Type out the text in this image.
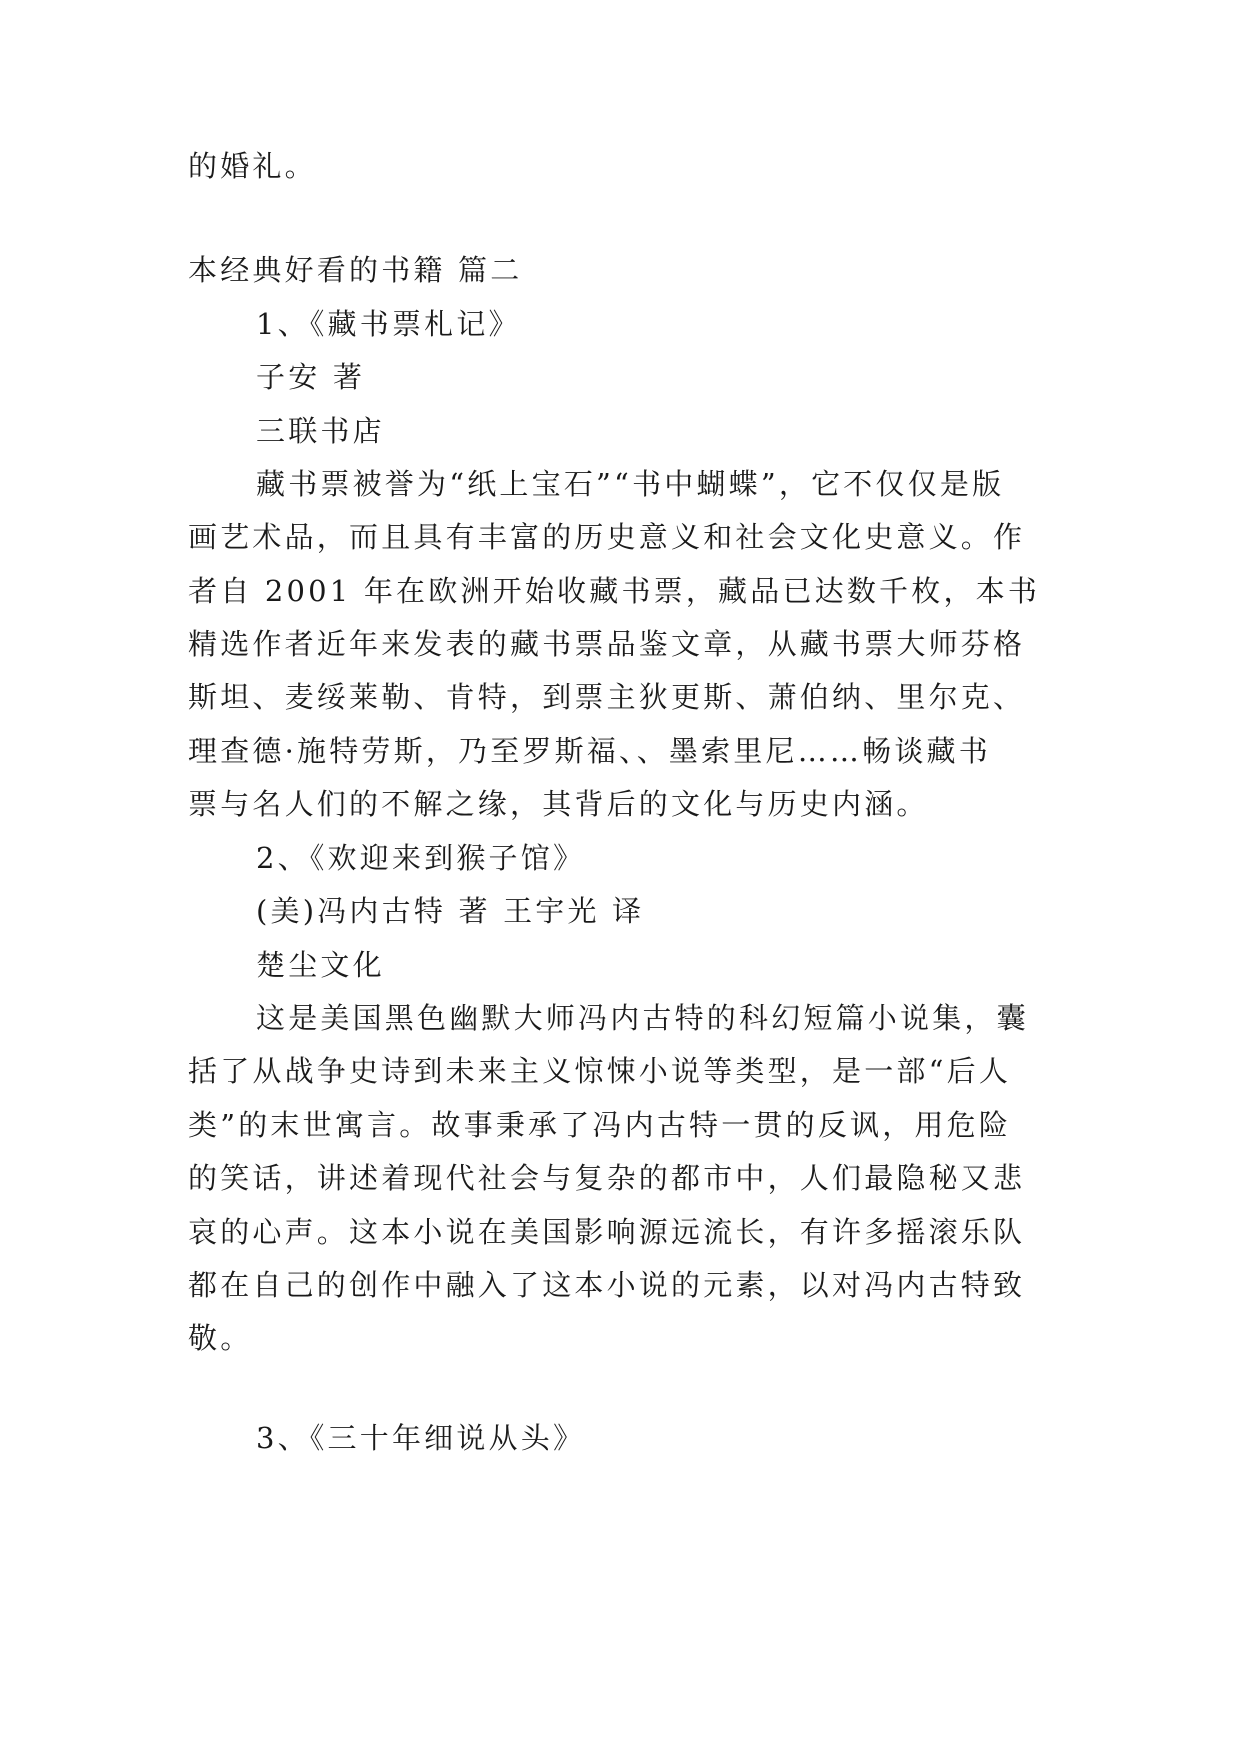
的婚礼。
本经典好看的书籍 篇二
1、《藏书票札记》
子安 著
三联书店
藏书票被誉为“纸上宝石”“书中蝴蝶”，它不仅仅是版
画艺术品，而且具有丰富的历史意义和社会文化史意义。作
者自 2001 年在欧洲开始收藏书票，藏品已达数千枚，本书
精选作者近年来发表的藏书票品鉴文章，从藏书票大师芬格
斯坦、麦绥莱勒、肯特，到票主狄更斯、萧伯纳、里尔克、
理查德·施特劳斯，乃至罗斯福、、墨索里尼……畅谈藏书
票与名人们的不解之缘，其背后的文化与历史内涵。
2、《欢迎来到猴子馆》
(美)冯内古特 著 王宇光 译
楚尘文化
这是美国黑色幽默大师冯内古特的科幻短篇小说集，囊
括了从战争史诗到未来主义惊悚小说等类型，是一部“后人
类”的末世寓言。故事秉承了冯内古特一贯的反讽，用危险
的笑话，讲述着现代社会与复杂的都市中，人们最隐秘又悲
哀的心声。这本小说在美国影响源远流长，有许多摇滚乐队
都在自己的创作中融入了这本小说的元素，以对冯内古特致
敬。
3、《三十年细说从头》
